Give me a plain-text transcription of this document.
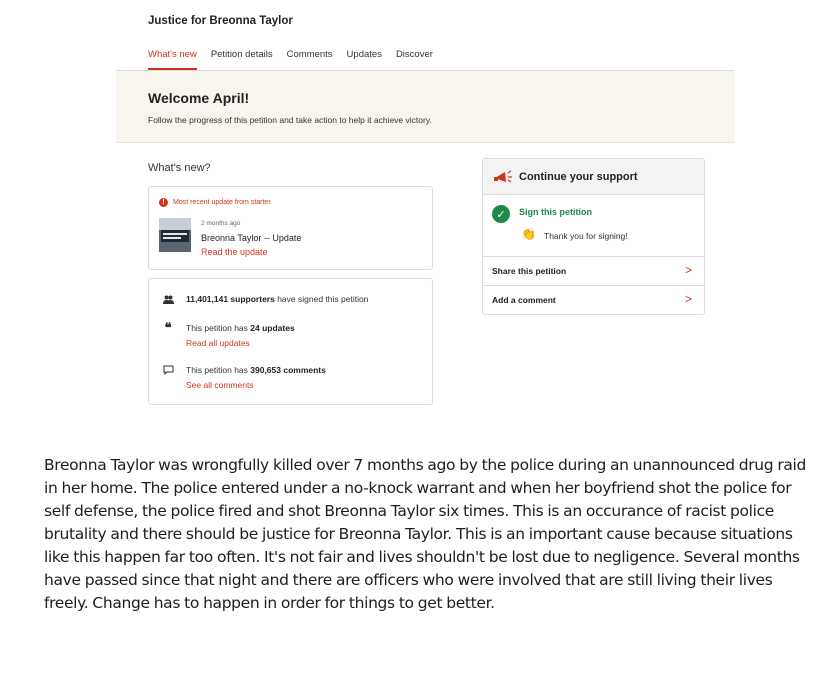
Justice for Breonna Taylor
What's new Petition details Comments Updates Discover
Welcome April!

Follow the progress of this petition and take action to help it achieve victory.

What's new?
!	Most recent update from starter
2 months ago
Breonna Taylor -- Update
Read the update
11,401,141 supporters have signed this petition
❝ This petition has 24 updates
Read all updates
This petition has 390,653 comments
See all comments
Continue your support
✓	Sign this petition
👏 Thank you for signing!
Share this petition	>
Add a comment	>

Breonna Taylor was wrongfully killed over 7 months ago by the police during an unannounced drug raid in her home. The police entered under a no-knock warrant and when her boyfriend shot the police for self defense, the police fired and shot Breonna Taylor six times. This is an occurance of racist police brutality and there should be justice for Breonna Taylor. This is an important cause because situations like this happen far too often. It's not fair and lives shouldn't be lost due to negligence. Several months have passed since that night and there are officers who were involved that are still living their lives freely. Change has to happen in order for things to get better.
